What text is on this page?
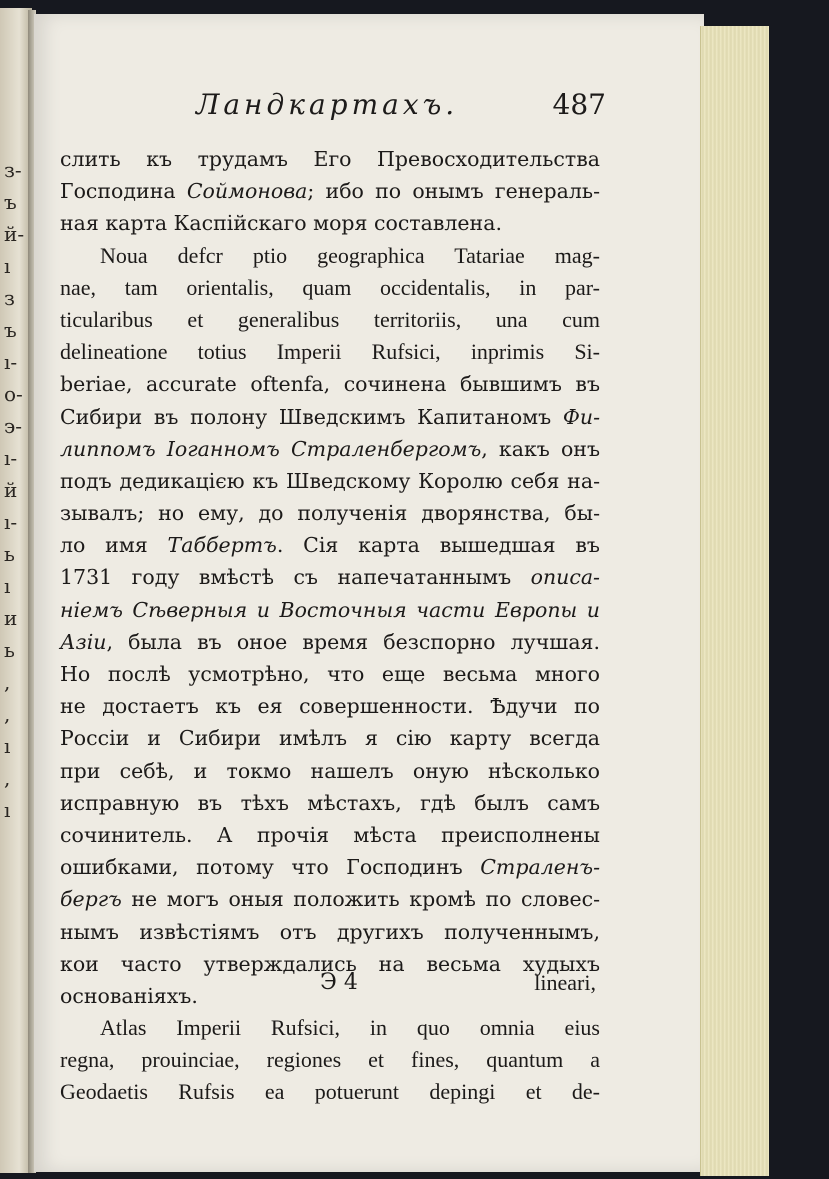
з-
ъ
й-
ı
з
ъ
ı-
о-
э-
ı-
й
ı-
ь
ı
и
ь
,
,
ı
,
ı
Ландкартахъ.	487
слить къ трудамъ Его Превосходительства
Господина Соймонова; ибо по онымъ генераль-
ная карта Каспійскаго моря составлена.
Noua defcr ptio geographica Tatariae mag-
nae, tam orientalis, quam occidentalis, in par-
ticularibus et generalibus territoriis, una cum
delineatione totius Imperii Rufsici, inprimis Si-
beriae, accurate oftenfa, сочинена бывшимъ въ
Сибири въ полону Шведскимъ Капитаномъ Фи-
липпомъ Іоганномъ Страленбергомъ, какъ онъ
подъ дедикацією къ Шведскому Королю себя на-
зывалъ; но ему, до полученія дворянства, бы-
ло имя Таббертъ. Сія карта вышедшая въ
1731 году вмѣстѣ съ напечатаннымъ описа-
ніемъ Сѣверныя и Восточныя части Европы и
Азіи, была въ оное время безспорно лучшая.
Но послѣ усмотрѣно, что еще весьма много
не достаетъ къ ея совершенности. Ѣдучи по
Россіи и Сибири имѣлъ я сію карту всегда
при себѣ, и токмо нашелъ оную нѣсколько
исправную въ тѣхъ мѣстахъ, гдѣ былъ самъ
сочинитель. А прочія мѣста преисполнены
ошибками, потому что Господинъ Страленъ-
бергъ не могъ оныя положить кромѣ по словес-
нымъ извѣстіямъ отъ другихъ полученнымъ,
кои часто утверждались на весьма худыхъ
основаніяхъ.
Atlas Imperii Rufsici, in quo omnia eius
regna, prouinciae, regiones et fines, quantum a
Geodaetis Rufsis ea potuerunt depingi et de-
Э 4	lineari,
